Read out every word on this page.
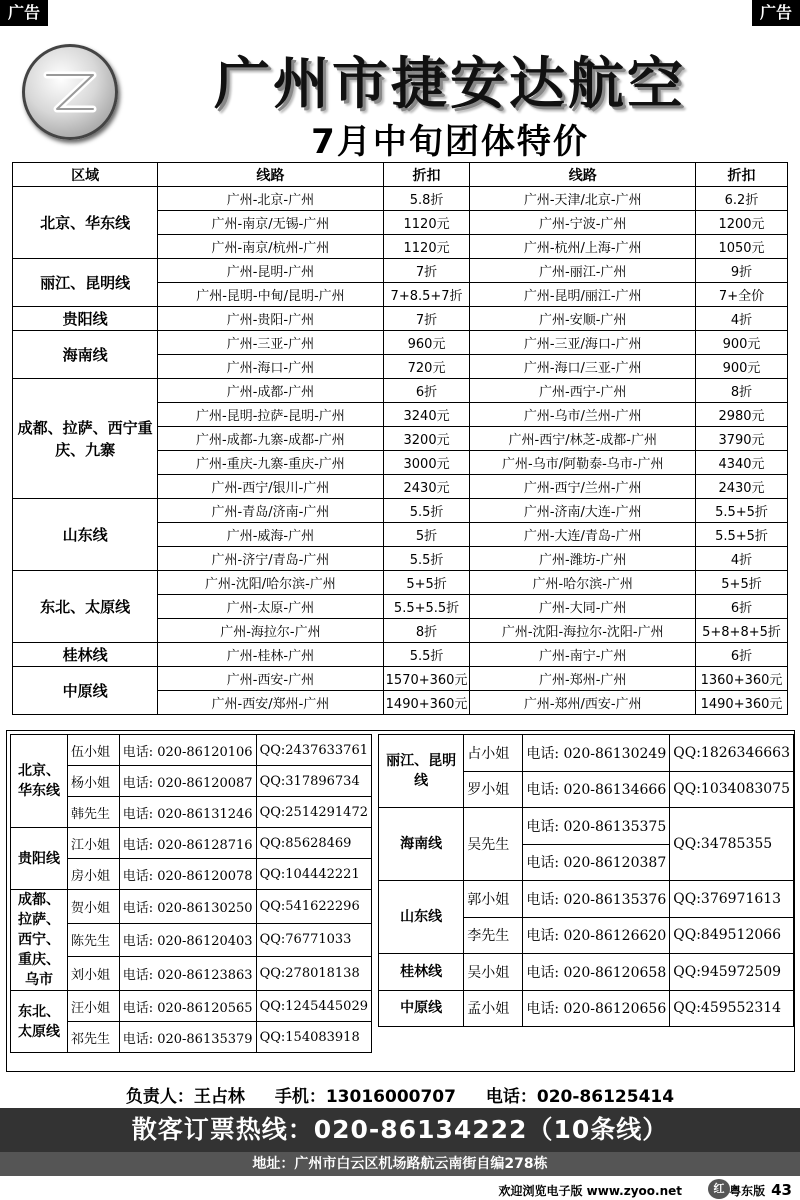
广告	广告
广州市捷安达航空
7月中旬团体特价
区域	线路	折扣	线路	折扣
北京、华东线	广州-北京-广州	5.8折	广州-天津/北京-广州	6.2折
	广州-南京/无锡-广州	1120元	广州-宁波-广州	1200元
	广州-南京/杭州-广州	1120元	广州-杭州/上海-广州	1050元
丽江、昆明线	广州-昆明-广州	7折	广州-丽江-广州	9折
	广州-昆明-中甸/昆明-广州	7+8.5+7折	广州-昆明/丽江-广州	7+全价
贵阳线	广州-贵阳-广州	7折	广州-安顺-广州	4折
海南线	广州-三亚-广州	960元	广州-三亚/海口-广州	900元
	广州-海口-广州	720元	广州-海口/三亚-广州	900元
成都、拉萨、西宁重庆、九寨	广州-成都-广州	6折	广州-西宁-广州	8折
	广州-昆明-拉萨-昆明-广州	3240元	广州-乌市/兰州-广州	2980元
	广州-成都-九寨-成都-广州	3200元	广州-西宁/林芝-成都-广州	3790元
	广州-重庆-九寨-重庆-广州	3000元	广州-乌市/阿勒泰-乌市-广州	4340元
	广州-西宁/银川-广州	2430元	广州-西宁/兰州-广州	2430元
山东线	广州-青岛/济南-广州	5.5折	广州-济南/大连-广州	5.5+5折
	广州-威海-广州	5折	广州-大连/青岛-广州	5.5+5折
	广州-济宁/青岛-广州	5.5折	广州-潍坊-广州	4折
东北、太原线	广州-沈阳/哈尔滨-广州	5+5折	广州-哈尔滨-广州	5+5折
	广州-太原-广州	5.5+5.5折	广州-大同-广州	6折
	广州-海拉尔-广州	8折	广州-沈阳-海拉尔-沈阳-广州	5+8+8+5折
桂林线	广州-桂林-广州	5.5折	广州-南宁-广州	6折
中原线	广州-西安-广州	1570+360元	广州-郑州-广州	1360+360元
	广州-西安/郑州-广州	1490+360元	广州-郑州/西安-广州	1490+360元
北京、华东线	伍小姐	电话: 020-86120106	QQ:2437633761
	杨小姐	电话: 020-86120087	QQ:317896734
	韩先生	电话: 020-86131246	QQ:2514291472
贵阳线	江小姐	电话: 020-86128716	QQ:85628469
	房小姐	电话: 020-86120078	QQ:104442221
成都、拉萨、西宁、重庆、乌市	贺小姐	电话: 020-86130250	QQ:541622296
	陈先生	电话: 020-86120403	QQ:76771033
	刘小姐	电话: 020-86123863	QQ:278018138
东北、太原线	汪小姐	电话: 020-86120565	QQ:1245445029
	祁先生	电话: 020-86135379	QQ:154083918
丽江、昆明线	占小姐	电话: 020-86130249	QQ:1826346663
	罗小姐	电话: 020-86134666	QQ:1034083075
海南线	吴先生	电话: 020-86135375	QQ:34785355
		电话: 020-86120387	
山东线	郭小姐	电话: 020-86135376	QQ:376971613
	李先生	电话: 020-86126620	QQ:849512066
桂林线	吴小姐	电话: 020-86120658	QQ:945972509
中原线	孟小姐	电话: 020-86120656	QQ:459552314
负责人：王占林 手机：13016000707 电话：020-86125414
散客订票热线：020-86134222（10条线）
地址：广州市白云区机场路航云南街自编278栋
欢迎浏览电子版 www.zyoo.net	红 粤东版 43
